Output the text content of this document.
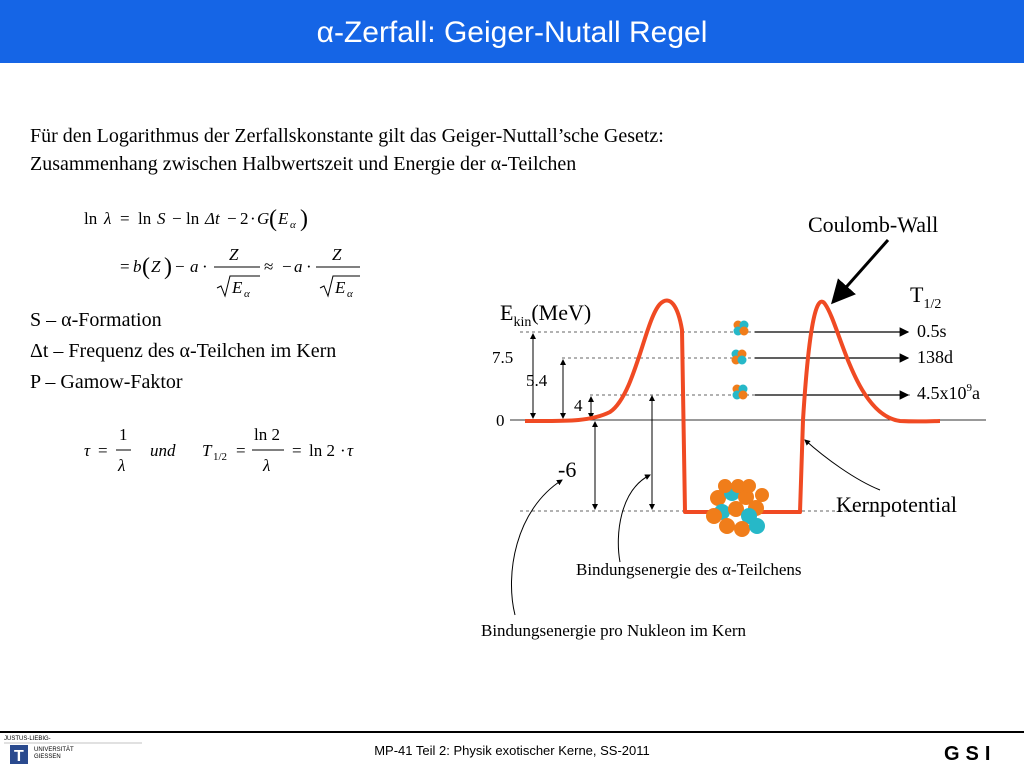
α-Zerfall: Geiger-Nutall Regel
Für den Logarithmus der Zerfallskonstante gilt das Geiger-Nuttall’sche Gesetz:
Zusammenhang zwischen Halbwertszeit und Energie der α-Teilchen
ln λ = ln S − ln Δt − 2 · G ( E α )
= b ( Z ) − a ·
Z
E α
≈ − a ·
Z
E α
S – α-Formation
Δt – Frequenz des α-Teilchen im Kern
P – Gamow-Faktor
τ =
1
λ
und T 1/2 =
ln 2
λ
= ln 2 · τ
Coulomb-Wall
$E_{kin}(MeV)$
$T_{1/2}$
7.5
5.4
4
0
-6
0.5s
138d
$4.5x10^9a$
Kernpotential
Bindungsenergie des α-Teilchens
Bindungsenergie pro Nukleon im Kern
JUSTUS-LIEBIG-
T UNIVERSITÄT
GIESSEN	MP-41 Teil 2: Physik exotischer Kerne, SS-2011	GSI
